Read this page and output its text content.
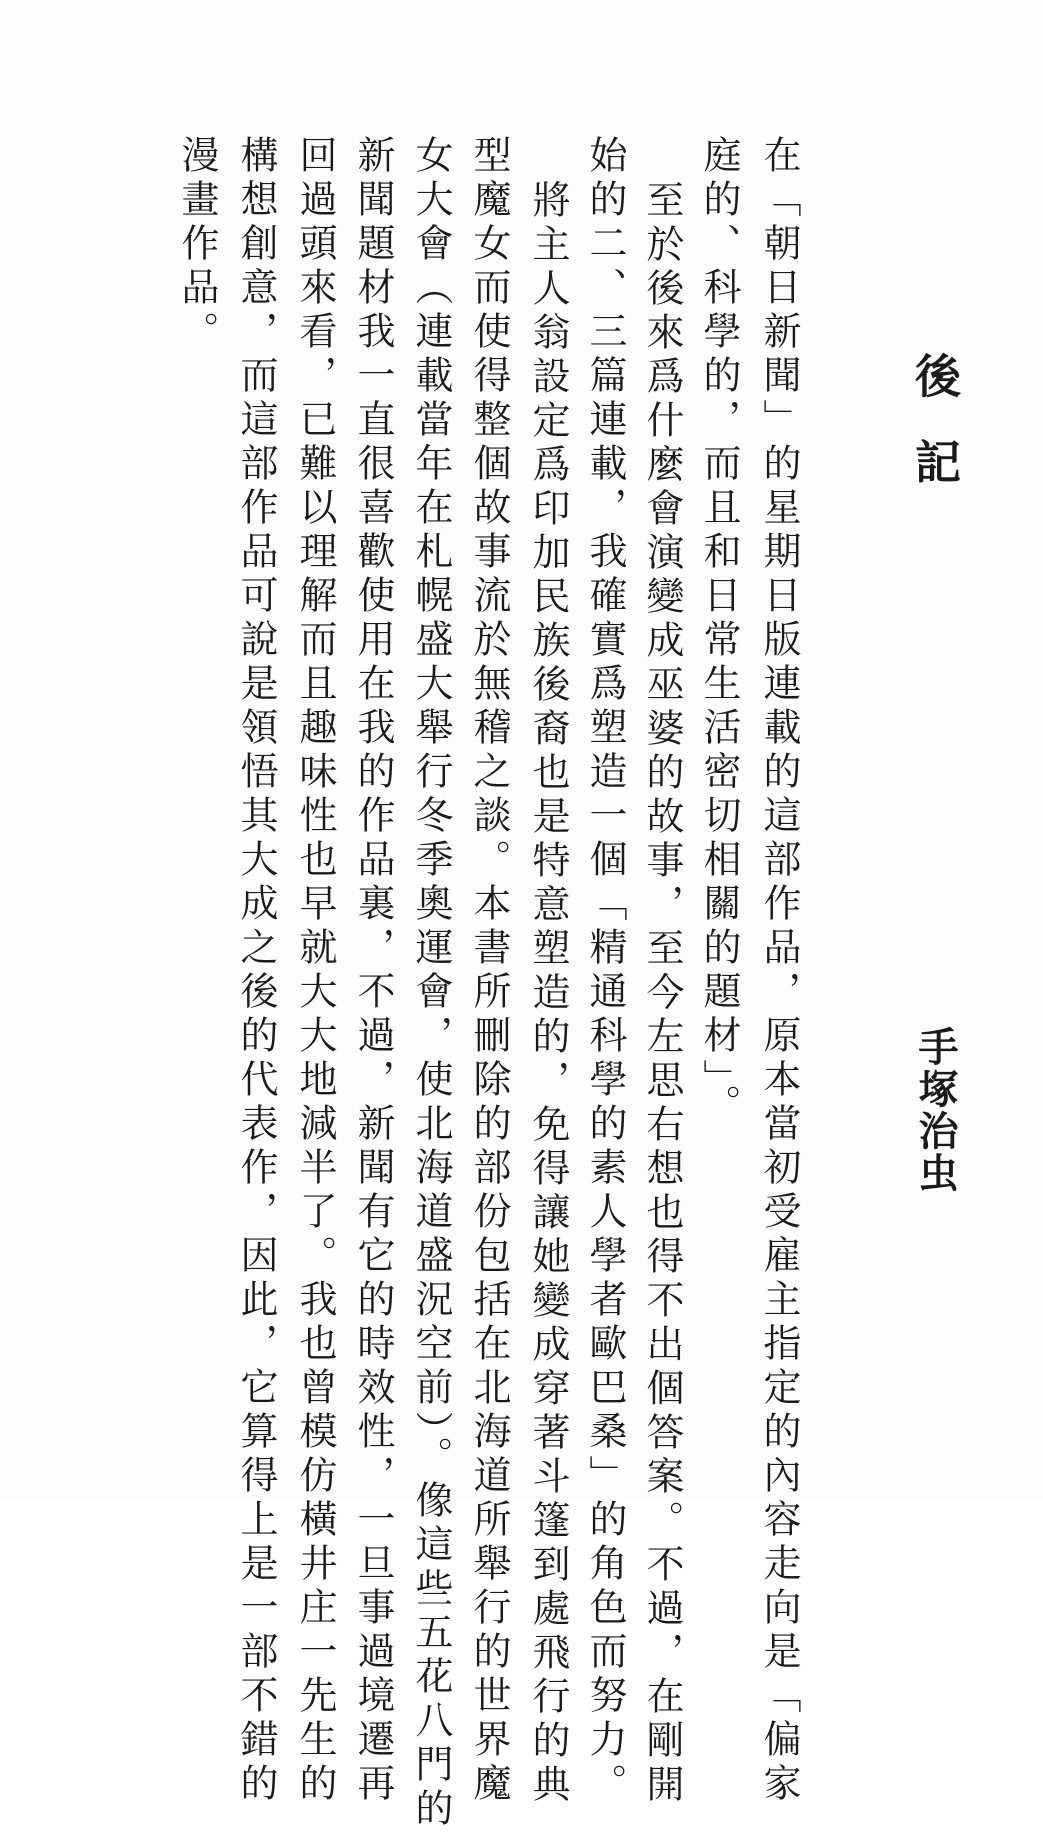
後記
手塚治虫
在「朝日新聞」的星期日版連載的這部作品，原本當初受雇主指定的內容走向是「偏家
庭的、科學的，而且和日常生活密切相關的題材」。
至於後來爲什麼會演變成巫婆的故事，至今左思右想也得不出個答案。不過，在剛開
始的二、三篇連載，我確實爲塑造一個「精通科學的素人學者歐巴桑」的角色而努力。
將主人翁設定爲印加民族後裔也是特意塑造的，免得讓她變成穿著斗篷到處飛行的典
型魔女而使得整個故事流於無稽之談。本書所刪除的部份包括在北海道所舉行的世界魔
女大會（連載當年在札幌盛大舉行冬季奧運會，使北海道盛況空前）。像這些五花八門的
新聞題材我一直很喜歡使用在我的作品裏，不過，新聞有它的時效性，一旦事過境遷再
回過頭來看，已難以理解而且趣味性也早就大大地減半了。我也曾模仿橫井庄一先生的
構想創意，而這部作品可說是領悟其大成之後的代表作，因此，它算得上是一部不錯的
漫畫作品。
